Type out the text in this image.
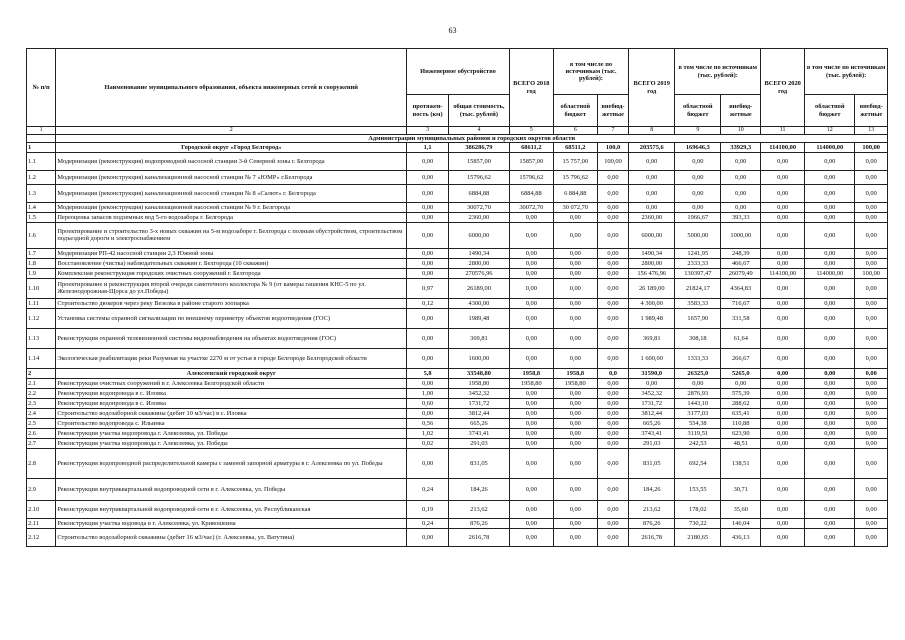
63
№ п/п	Наименование муниципального образования, объекта инженерных сетей и сооружений	Инженерное обустройство		ВСЕГО 2018 год	в том числе по источникам (тыс. рублей):		ВСЕГО 2019 год	в том числе по источникам (тыс. рублей):		ВСЕГО 2020 год	в том числе по источникам (тыс. рублей):	
		протяжен-ность (км)	общая стоимость, (тыс. рублей)		областной бюджет	внебюд-жетные		областной бюджет	внебюд-жетные		областной бюджет	внебюд-жетные
1	2	3	4	5	6	7	8	9	10	11	12	13
	Администрации муниципальных районов и городских округов области											
1	Городской округ «Город Белгород»	1,1	386286,79	68611,2	68511,2	100,0	203575,6	169646,3	33929,3	114100,00	114000,00	100,00
1.1	Модернизация (реконструкция) водопроводной насосной станции 3-й Северной зоны г. Белгорода	0,00	15857,00	15857,00	15 757,00	100,00	0,00	0,00	0,00	0,00	0,00	0,00
1.2	Модернизация (реконструкция) канализационной насосной станции № 7 «ЮМР» г.Белгорода	0,00	15796,62	15796,62	15 796,62	0,00	0,00	0,00	0,00	0,00	0,00	0,00
1.3	Модернизация (реконструкция) канализационной насосной станции № 8 «Салют» г. Белгорода	0,00	6884,88	6884,88	6 884,88	0,00	0,00	0,00	0,00	0,00	0,00	0,00
1.4	Модернизация (реконструкция) канализационной насосной станции № 9 г. Белгорода	0,00	30072,70	30072,70	30 072,70	0,00	0,00	0,00	0,00	0,00	0,00	0,00
1.5	Переоценка запасов подземных вод 5-го водозабора г. Белгорода	0,00	2360,00	0,00	0,00	0,00	2360,00	1966,67	393,33	0,00	0,00	0,00
1.6	Проектирование и строительство 3-х новых скважин на 5-м водозаборе г. Белгорода с полным обустройством, строительством подъездной дороги и электроснабжением	0,00	6000,00	0,00	0,00	0,00	6000,00	5000,00	1000,00	0,00	0,00	0,00
1.7	Модернизация РП-42 насосной станции 2,3 Южной зоны	0,00	1490,34	0,00	0,00	0,00	1490,34	1241,95	248,39	0,00	0,00	0,00
1.8	Восстановление (чистка) наблюдательных скважин г. Белгорода (10 скважин)	0,00	2800,00	0,00	0,00	0,00	2800,00	2333,33	466,67	0,00	0,00	0,00
1.9	Комплексная реконструкция городских очистных сооружений г. Белгорода	0,00	270576,96	0,00	0,00	0,00	156 476,96	130397,47	26079,49	114100,00	114000,00	100,00
1.10	Проектирование и реконструкция второй очереди самотечного коллектора № 9 (от камеры гашения КНС-5 по ул. Железнодорожная-Щорса до ул.Победы)	0,97	26189,00	0,00	0,00	0,00	26 189,00	21824,17	4364,83	0,00	0,00	0,00
1.11	Строительство дюкеров через реку Везелка в районе старого зоопарка	0,12	4300,00	0,00	0,00	0,00	4 300,00	3583,33	716,67	0,00	0,00	0,00
1.12	Установка системы охранной сигнализации по внешнему периметру объектов водоотведения (ГОС)	0,00	1989,48	0,00	0,00	0,00	1 989,48	1657,90	331,58	0,00	0,00	0,00
1.13	Реконструкция охранной телевизионной системы видеонаблюдения на объектах водоотведения (ГОС)	0,00	369,81	0,00	0,00	0,00	369,81	308,18	61,64	0,00	0,00	0,00
1.14	Экологическая реабилитация реки Разумная на участке 2270 м от устья в городе Белгороде Белгородской области	0,00	1600,00	0,00	0,00	0,00	1 600,00	1333,33	266,67	0,00	0,00	0,00
2	Алексеевский городской округ	5,8	33548,80	1958,8	1958,8	0,0	31590,0	26325,0	5265,0	0,00	0,00	0,00
2.1	Реконструкция очистных сооружений в г. Алексеевка Белгородской области	0,00	1958,80	1958,80	1958,80	0,00	0,00	0,00	0,00	0,00	0,00	0,00
2.2	Реконструкция водопровода в с. Иловка	1,00	3452,32	0,00	0,00	0,00	3452,32	2876,93	575,39	0,00	0,00	0,00
2.3	Реконструкция водопровода в с. Иловка	0,60	1731,72	0,00	0,00	0,00	1731,72	1443,10	288,62	0,00	0,00	0,00
2.4	Строительство водозаборной скважины (дебит 10 м3/час) в с. Иловка	0,00	3812,44	0,00	0,00	0,00	3812,44	3177,03	635,41	0,00	0,00	0,00
2.5	Строительство водопровода с. Ильинка	0,56	665,26	0,00	0,00	0,00	665,26	554,38	110,88	0,00	0,00	0,00
2.6	Реконструкция участка водопровода г. Алексеевка, ул. Победы	1,02	3743,41	0,00	0,00	0,00	3743,41	3119,51	623,90	0,00	0,00	0,00
2.7	Реконструкция участка водопровода г. Алексеевка, ул. Победы	0,02	291,03	0,00	0,00	0,00	291,03	242,53	48,51	0,00	0,00	0,00
2.8	Реконструкция водопроводной распределительной камеры с заменой запорной арматуры в г. Алексеевка по ул. Победы	0,00	831,05	0,00	0,00	0,00	831,05	692,54	138,51	0,00	0,00	0,00
2.9	Реконструкция внутриквартальной водопроводной сети в г. Алексеевка, ул. Победы	0,24	184,26	0,00	0,00	0,00	184,26	153,55	30,71	0,00	0,00	0,00
2.10	Реконструкция внутриквартальной водопроводной сети в г. Алексеевка, ул. Республиканская	0,19	213,62	0,00	0,00	0,00	213,62	178,02	35,60	0,00	0,00	0,00
2.11	Реконструкция участка водовода в г. Алексеевка, ул. Кривошеина	0,24	876,26	0,00	0,00	0,00	876,26	730,22	146,04	0,00	0,00	0,00
2.12	Строительство водозаборной скважины (дебит 16 м3/час) (г. Алексеевка, ул. Ватутина)	0,00	2616,78	0,00	0,00	0,00	2616,78	2180,65	436,13	0,00	0,00	0,00
